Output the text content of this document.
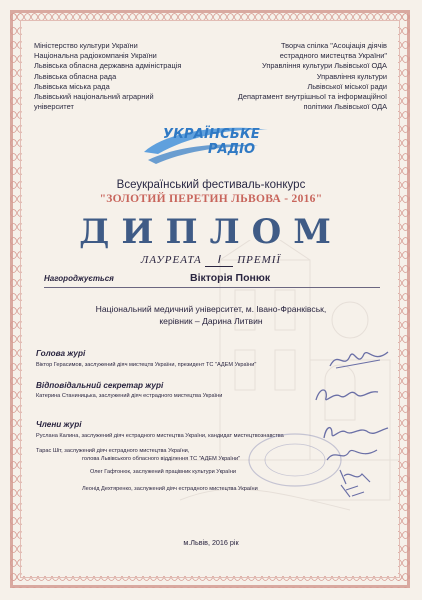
Міністерство культури України
Національна радіокомпанія України
Львівська обласна державна адміністрація
Львівська обласна рада
Львівська міська рада
Львівський національний аграрний
університет
Творча спілка "Асоціація діячів
естрадного мистецтва України"
Управління культури Львівської ОДА
Управління культури
Львівської міської ради
Департамент внутрішньої та інформаційної
політики Львівської ОДА
УКРАЇНСЬКЕ
РАДІО
Всеукраїнський фестиваль-конкурс
"ЗОЛОТИЙ ПЕРЕТИН ЛЬВОВА - 2016"
ДИПЛОМ
ЛАУРЕАТА I ПРЕМІЇ
Нагороджується	Вікторія Понюк
Національний медичний університет, м. Івано-Франківськ,
керівник – Дарина Литвин
Голова журі
Віктор Герасимов, заслужений діяч мистецтв України, президент ТС "АДЕМ України"
Відповідальний секретар журі
Катерина Станиницька, заслужений діяч естрадного мистецтва України
Члени журі
Руслана Калина, заслужений діяч естрадного мистецтва України, кандидат мистецтвознавства
Тарас Шіт, заслужений діяч естрадного мистецтва України,
голова Львівського обласного відділення ТС "АДЕМ України"
Олег Гафтонюк, заслужений працівник культури України
Леонід Дехтяренко, заслужений діяч естрадного мистецтва України
м.Львів, 2016 рік
